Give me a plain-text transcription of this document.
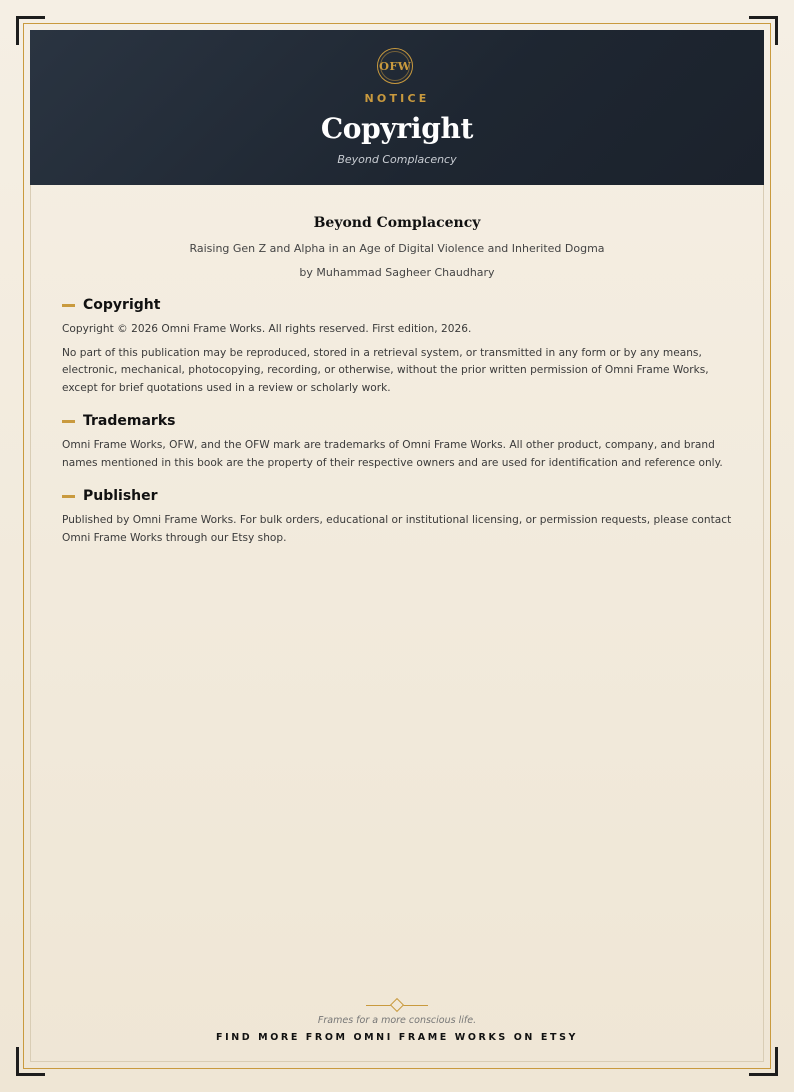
OFW
NOTICE
Copyright
Beyond Complacency
Beyond Complacency
Raising Gen Z and Alpha in an Age of Digital Violence and Inherited Dogma
by Muhammad Sagheer Chaudhary
Copyright

Copyright © 2026 Omni Frame Works. All rights reserved. First edition, 2026.

No part of this publication may be reproduced, stored in a retrieval system, or transmitted in any form or by any means, electronic, mechanical, photocopying, recording, or otherwise, without the prior written permission of Omni Frame Works, except for brief quotations used in a review or scholarly work.

Trademarks

Omni Frame Works, OFW, and the OFW mark are trademarks of Omni Frame Works. All other product, company, and brand names mentioned in this book are the property of their respective owners and are used for identification and reference only.

Publisher

Published by Omni Frame Works. For bulk orders, educational or institutional licensing, or permission requests, please contact Omni Frame Works through our Etsy shop.

Frames for a more conscious life.
FIND MORE FROM OMNI FRAME WORKS ON ETSY
